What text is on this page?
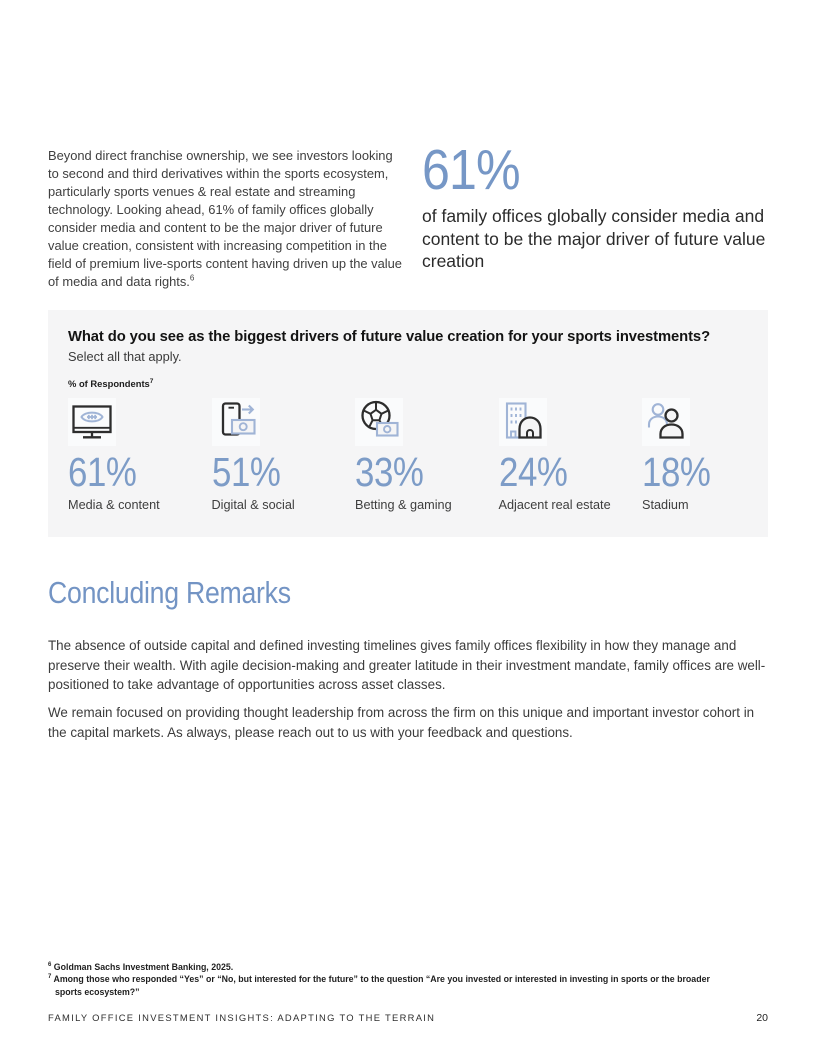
Beyond direct franchise ownership, we see investors looking to second and third derivatives within the sports ecosystem, particularly sports venues & real estate and streaming technology. Looking ahead, 61% of family offices globally consider media and content to be the major driver of future value creation, consistent with increasing competition in the field of premium live-sports content having driven up the value of media and data rights.$^6$

61%
of family offices globally consider media and content to be the major driver of future value creation
What do you see as the biggest drivers of future value creation for your sports investments?
Select all that apply.
% of Respondents$^7$
61%
Media & content
51%
Digital & social
33%
Betting & gaming
24%
Adjacent real estate
18%
Stadium
Concluding Remarks

The absence of outside capital and defined investing timelines gives family offices flexibility in how they manage and preserve their wealth. With agile decision-making and greater latitude in their investment mandate, family offices are well-positioned to take advantage of opportunities across asset classes.

We remain focused on providing thought leadership from across the firm on this unique and important investor cohort in the capital markets. As always, please reach out to us with your feedback and questions.

$^6$ Goldman Sachs Investment Banking, 2025.
$^7$ Among those who responded “Yes” or “No, but interested for the future” to the question “Are you invested or interested in investing in sports or the broader sports ecosystem?”
FAMILY OFFICE INVESTMENT INSIGHTS: ADAPTING TO THE TERRAIN	20
